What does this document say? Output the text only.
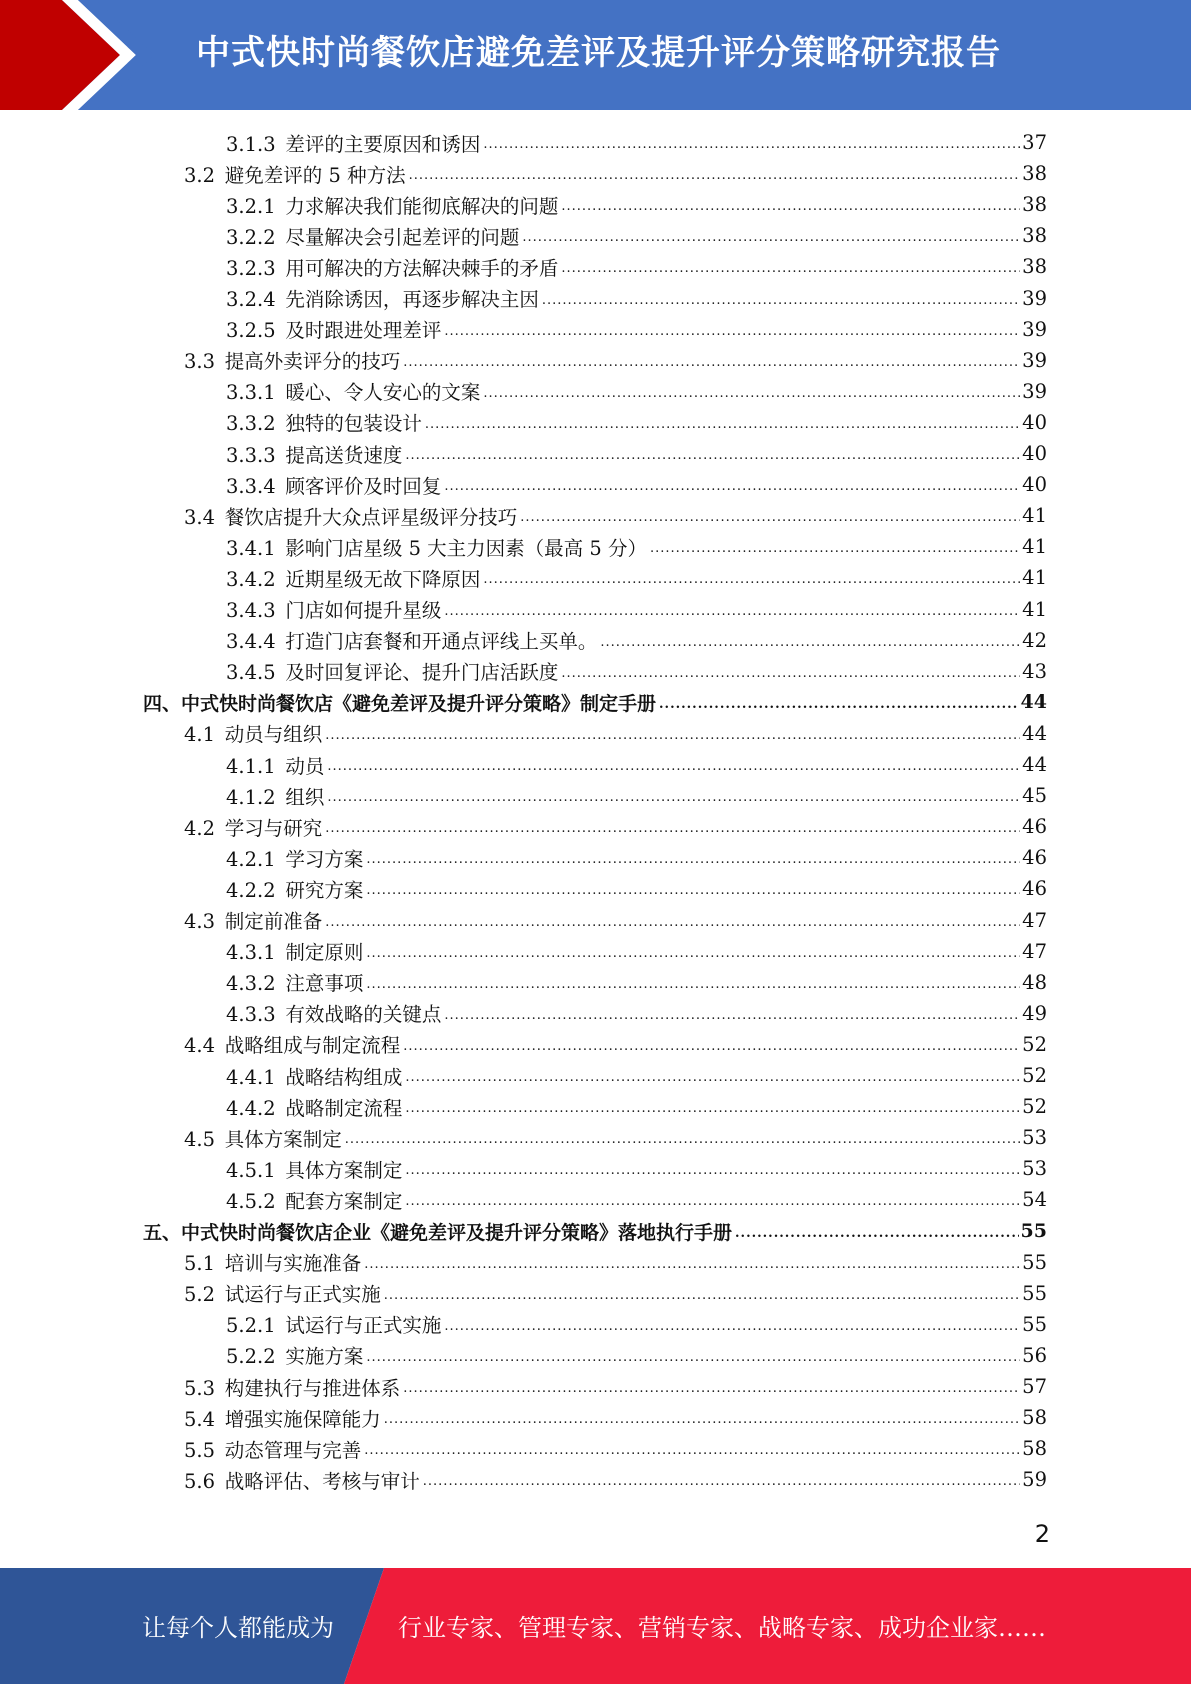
中式快时尚餐饮店避免差评及提升评分策略研究报告
3.1.3  差评的主要原因和诱因 .....	37
3.2  避免差评的 5 种方法 .....	38
3.2.1  力求解决我们能彻底解决的问题 .....	38
3.2.2  尽量解决会引起差评的问题 .....	38
3.2.3  用可解决的方法解决棘手的矛盾 .....	38
3.2.4  先消除诱因，再逐步解决主因 .....	39
3.2.5  及时跟进处理差评 .....	39
3.3  提高外卖评分的技巧 .....	39
3.3.1  暖心、令人安心的文案 .....	39
3.3.2  独特的包装设计 .....	40
3.3.3  提高送货速度 .....	40
3.3.4  顾客评价及时回复 .....	40
3.4  餐饮店提升大众点评星级评分技巧 .....	41
3.4.1  影响门店星级 5 大主力因素（最高 5 分） .....	41
3.4.2  近期星级无故下降原因 .....	41
3.4.3  门店如何提升星级 .....	41
3.4.4  打造门店套餐和开通点评线上买单。 .....	42
3.4.5  及时回复评论、提升门店活跃度 .....	43
四、中式快时尚餐饮店《避免差评及提升评分策略》制定手册 .....	44
4.1  动员与组织 .....	44
4.1.1  动员 .....	44
4.1.2  组织 .....	45
4.2  学习与研究 .....	46
4.2.1  学习方案 .....	46
4.2.2  研究方案 .....	46
4.3  制定前准备 .....	47
4.3.1  制定原则 .....	47
4.3.2  注意事项 .....	48
4.3.3  有效战略的关键点 .....	49
4.4  战略组成与制定流程 .....	52
4.4.1  战略结构组成 .....	52
4.4.2  战略制定流程 .....	52
4.5  具体方案制定 .....	53
4.5.1  具体方案制定 .....	53
4.5.2  配套方案制定 .....	54
五、中式快时尚餐饮店企业《避免差评及提升评分策略》落地执行手册 .....	55
5.1  培训与实施准备 .....	55
5.2  试运行与正式实施 .....	55
5.2.1  试运行与正式实施 .....	55
5.2.2  实施方案 .....	56
5.3  构建执行与推进体系 .....	57
5.4  增强实施保障能力 .....	58
5.5  动态管理与完善 .....	58
5.6  战略评估、考核与审计 .....	59
2
让每个人都能成为	行业专家、管理专家、营销专家、战略专家、成功企业家……
